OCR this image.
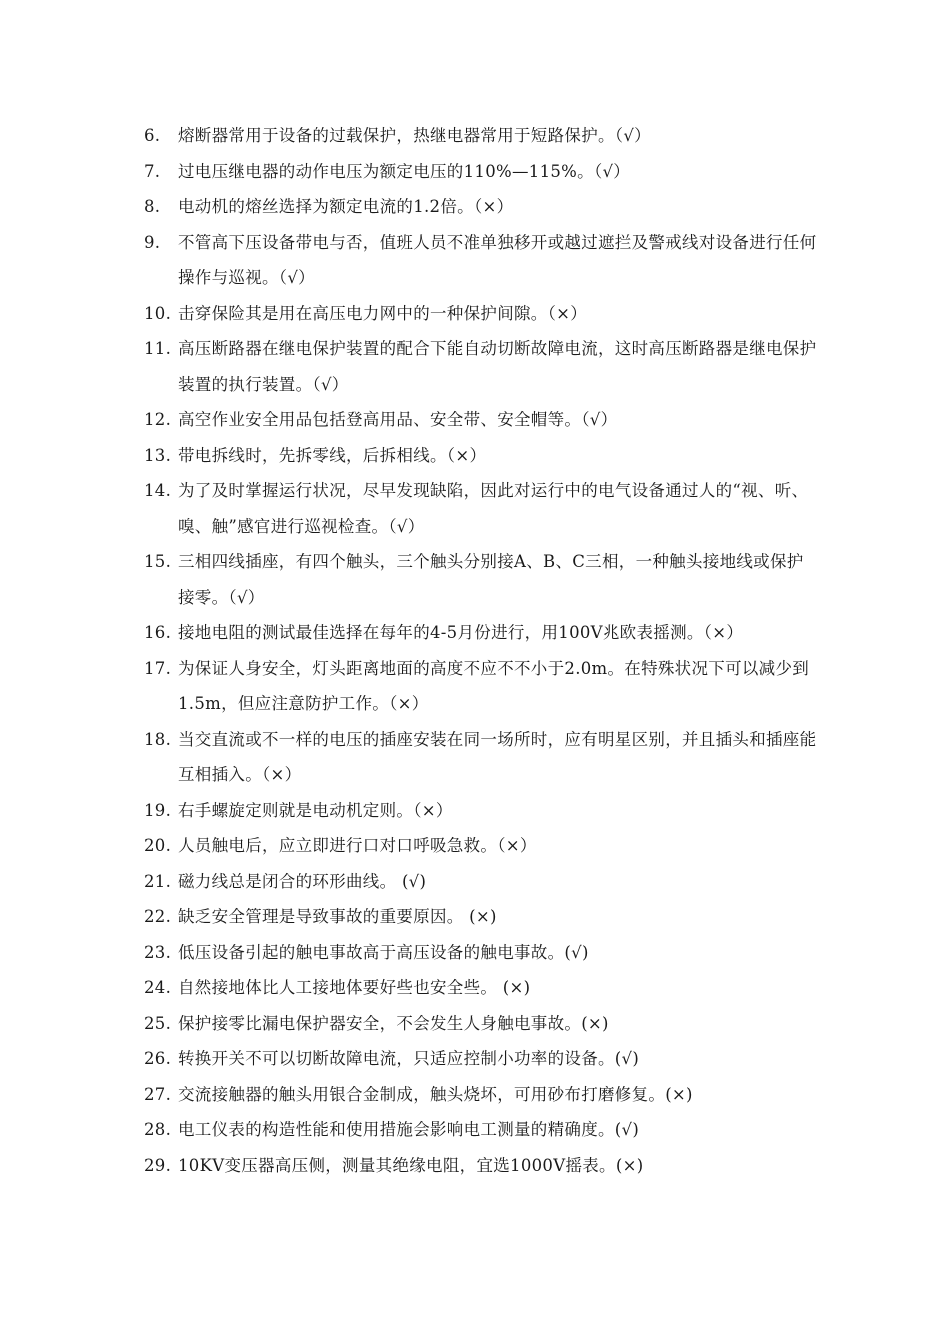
6. 熔断器常用于设备的过载保护，热继电器常用于短路保护。（√）
7. 过电压继电器的动作电压为额定电压的110%—115%。（√）
8. 电动机的熔丝选择为额定电流的1.2倍。（×）
9. 不管高下压设备带电与否，值班人员不准单独移开或越过遮拦及警戒线对设备进行任何操作与巡视。（√）
10. 击穿保险其是用在高压电力网中的一种保护间隙。（×）
11. 高压断路器在继电保护装置的配合下能自动切断故障电流，这时高压断路器是继电保护装置的执行装置。（√）
12. 高空作业安全用品包括登高用品、安全带、安全帽等。（√）
13. 带电拆线时，先拆零线，后拆相线。（×）
14. 为了及时掌握运行状况，尽早发现缺陷，因此对运行中的电气设备通过人的“视、听、嗅、触”感官进行巡视检查。（√）
15. 三相四线插座，有四个触头，三个触头分别接A、B、C三相，一种触头接地线或保护接零。（√）
16. 接地电阻的测试最佳选择在每年的4-5月份进行，用100V兆欧表摇测。（×）
17. 为保证人身安全，灯头距离地面的高度不应不不小于2.0m。在特殊状况下可以减少到1.5m，但应注意防护工作。（×）
18. 当交直流或不一样的电压的插座安装在同一场所时，应有明星区别，并且插头和插座能互相插入。（×）
19. 右手螺旋定则就是电动机定则。（×）
20. 人员触电后，应立即进行口对口呼吸急救。（×）
21. 磁力线总是闭合的环形曲线。 (√)
22. 缺乏安全管理是导致事故的重要原因。 (×)
23. 低压设备引起的触电事故高于高压设备的触电事故。(√)
24. 自然接地体比人工接地体要好些也安全些。 (×)
25. 保护接零比漏电保护器安全，不会发生人身触电事故。(×)
26. 转换开关不可以切断故障电流，只适应控制小功率的设备。(√)
27. 交流接触器的触头用银合金制成，触头烧坏，可用砂布打磨修复。(×)
28. 电工仪表的构造性能和使用措施会影响电工测量的精确度。(√)
29. 10KV变压器高压侧，测量其绝缘电阻，宜选1000V摇表。(×)
